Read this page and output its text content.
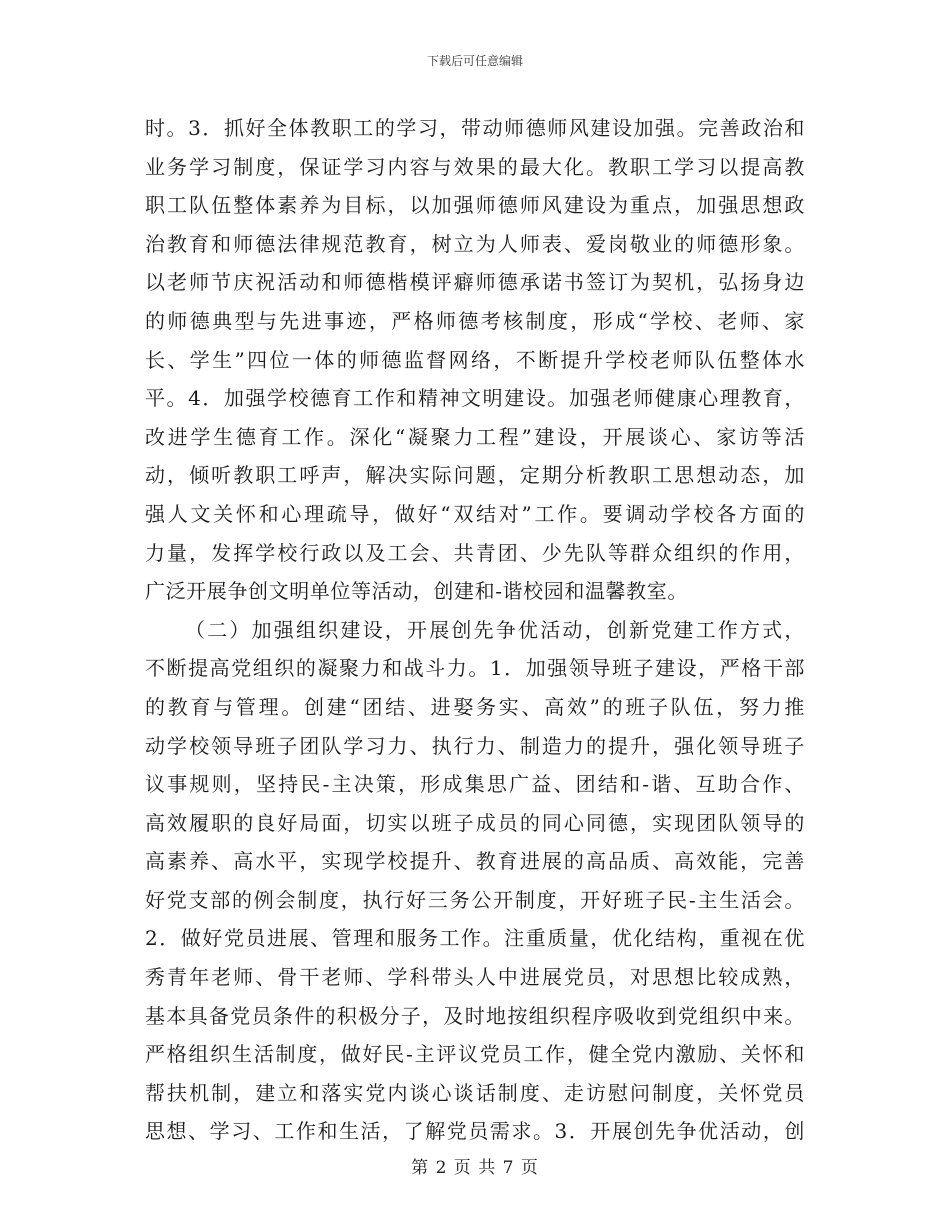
下载后可任意编辑
时。3．抓好全体教职工的学习，带动师德师风建设加强。完善政治和
业务学习制度，保证学习内容与效果的最大化。教职工学习以提高教
职工队伍整体素养为目标，以加强师德师风建设为重点，加强思想政
治教育和师德法律规范教育，树立为人师表、爱岗敬业的师德形象。
以老师节庆祝活动和师德楷模评癖师德承诺书签订为契机，弘扬身边
的师德典型与先进事迹，严格师德考核制度，形成“学校、老师、家
长、学生”四位一体的师德监督网络，不断提升学校老师队伍整体水
平。4．加强学校德育工作和精神文明建设。加强老师健康心理教育，
改进学生德育工作。深化“凝聚力工程”建设，开展谈心、家访等活
动，倾听教职工呼声，解决实际问题，定期分析教职工思想动态，加
强人文关怀和心理疏导，做好“双结对”工作。要调动学校各方面的
力量，发挥学校行政以及工会、共青团、少先队等群众组织的作用，
广泛开展争创文明单位等活动，创建和-谐校园和温馨教室。
（二）加强组织建设，开展创先争优活动，创新党建工作方式，
不断提高党组织的凝聚力和战斗力。1．加强领导班子建设，严格干部
的教育与管理。创建“团结、进娶务实、高效”的班子队伍，努力推
动学校领导班子团队学习力、执行力、制造力的提升，强化领导班子
议事规则，坚持民-主决策，形成集思广益、团结和-谐、互助合作、
高效履职的良好局面，切实以班子成员的同心同德，实现团队领导的
高素养、高水平，实现学校提升、教育进展的高品质、高效能，完善
好党支部的例会制度，执行好三务公开制度，开好班子民-主生活会。
2．做好党员进展、管理和服务工作。注重质量，优化结构，重视在优
秀青年老师、骨干老师、学科带头人中进展党员，对思想比较成熟，
基本具备党员条件的积极分子，及时地按组织程序吸收到党组织中来。
严格组织生活制度，做好民-主评议党员工作，健全党内激励、关怀和
帮扶机制，建立和落实党内谈心谈话制度、走访慰问制度，关怀党员
思想、学习、工作和生活，了解党员需求。3．开展创先争优活动，创
第 2 页 共 7 页
